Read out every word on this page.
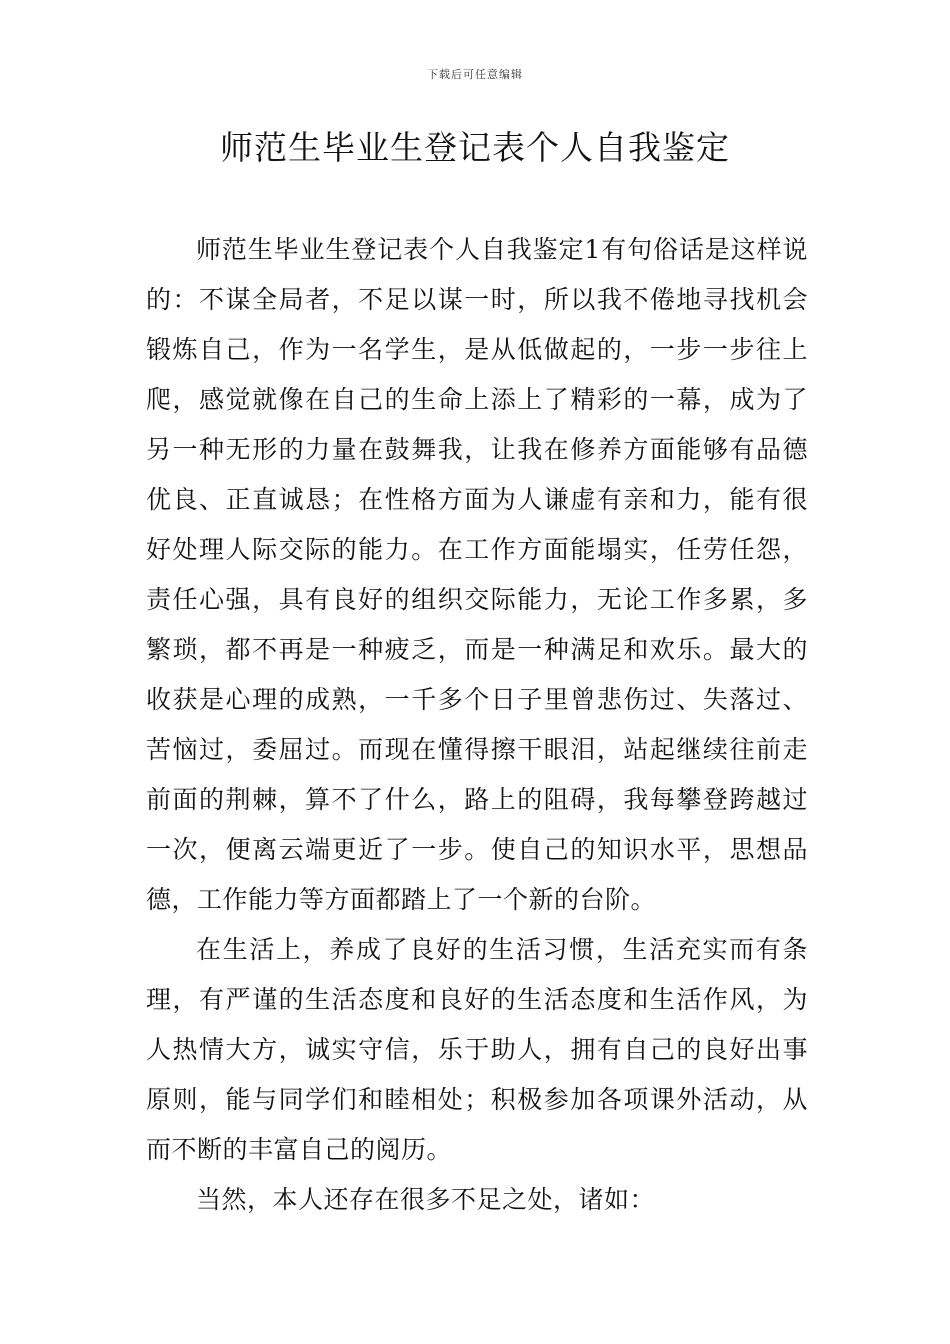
下载后可任意编辑
师范生毕业生登记表个人自我鉴定

师范生毕业生登记表个人自我鉴定1有句俗话是这样说的：不谋全局者，不足以谋一时，所以我不倦地寻找机会锻炼自己，作为一名学生，是从低做起的，一步一步往上爬，感觉就像在自己的生命上添上了精彩的一幕，成为了另一种无形的力量在鼓舞我，让我在修养方面能够有品德优良、正直诚恳；在性格方面为人谦虚有亲和力，能有很好处理人际交际的能力。在工作方面能塌实，任劳任怨，责任心强，具有良好的组织交际能力，无论工作多累，多繁琐，都不再是一种疲乏，而是一种满足和欢乐。最大的收获是心理的成熟，一千多个日子里曾悲伤过、失落过、苦恼过，委屈过。而现在懂得擦干眼泪，站起继续往前走前面的荆棘，算不了什么，路上的阻碍，我每攀登跨越过一次，便离云端更近了一步。使自己的知识水平，思想品德，工作能力等方面都踏上了一个新的台阶。

在生活上，养成了良好的生活习惯，生活充实而有条理，有严谨的生活态度和良好的生活态度和生活作风，为人热情大方，诚实守信，乐于助人，拥有自己的良好出事原则，能与同学们和睦相处；积极参加各项课外活动，从而不断的丰富自己的阅历。

当然，本人还存在很多不足之处，诸如：
